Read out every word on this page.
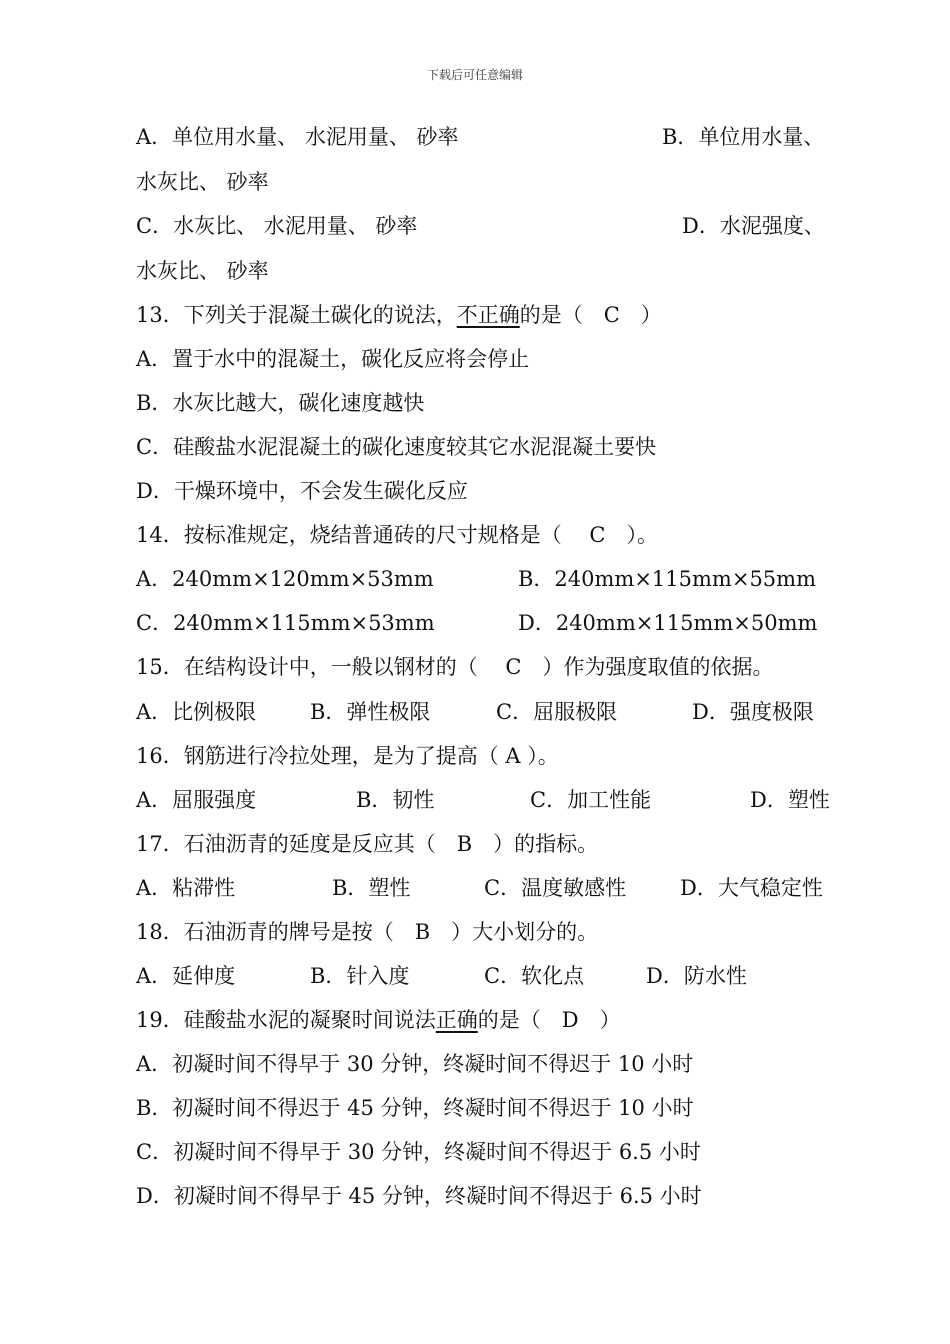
下载后可任意编辑
A．单位用水量、 水泥用量、 砂率	B．单位用水量、
水灰比、 砂率
C．水灰比、 水泥用量、 砂率	D．水泥强度、
水灰比、 砂率
13．下列关于混凝土碳化的说法，不正确的是（　C　）
A．置于水中的混凝土，碳化反应将会停止
B．水灰比越大，碳化速度越快
C．硅酸盐水泥混凝土的碳化速度较其它水泥混凝土要快
D．干燥环境中，不会发生碳化反应
14．按标准规定，烧结普通砖的尺寸规格是（　 C　）。
A．240mm×120mm×53mm	B．240mm×115mm×55mm
C．240mm×115mm×53mm	D．240mm×115mm×50mm
15．在结构设计中，一般以钢材的（　 C　）作为强度取值的依据。
A．比例极限	B．弹性极限	C．屈服极限	D．强度极限
16．钢筋进行冷拉处理，是为了提高（ A ）。
A．屈服强度	B．韧性	C．加工性能	D．塑性
17．石油沥青的延度是反应其（　B　）的指标。
A．粘滞性	B．塑性	C．温度敏感性	D．大气稳定性
18．石油沥青的牌号是按（　B　）大小划分的。
A．延伸度	B．针入度	C．软化点	D．防水性
19．硅酸盐水泥的凝聚时间说法正确的是（　D　）
A．初凝时间不得早于 30 分钟，终凝时间不得迟于 10 小时
B．初凝时间不得迟于 45 分钟，终凝时间不得迟于 10 小时
C．初凝时间不得早于 30 分钟，终凝时间不得迟于 6.5 小时
D．初凝时间不得早于 45 分钟，终凝时间不得迟于 6.5 小时
